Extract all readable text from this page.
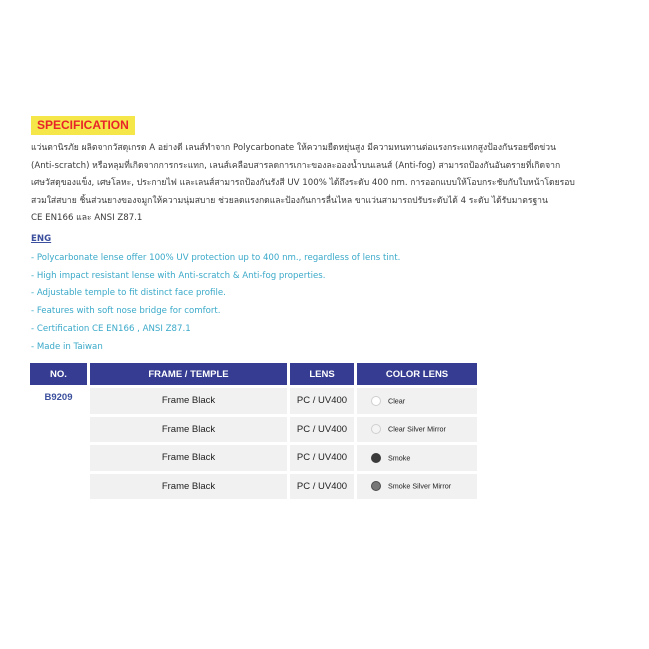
SPECIFICATION
แว่นตานิรภัย ผลิตจากวัสดุเกรด A อย่างดี เลนส์ทำจาก Polycarbonate ให้ความยืดหยุ่นสูง มีความทนทานต่อแรงกระแทกสูงป้องกันรอยขีดข่วน
(Anti-scratch) หรือหลุมที่เกิดจากการกระแทก, เลนส์เคลือบสารลดการเกาะของละอองน้ำบนเลนส์ (Anti-fog) สามารถป้องกันอันตรายที่เกิดจาก
เศษวัสดุของแข็ง, เศษโลหะ, ประกายไฟ และเลนส์สามารถป้องกันรังสี UV 100% ได้ถึงระดับ 400 nm. การออกแบบให้โอบกระชับกับใบหน้าโดยรอบ
สวมใส่สบาย ชิ้นส่วนยางของจมูกให้ความนุ่มสบาย ช่วยลดแรงกดและป้องกันการลื่นไหล ขาแว่นสามารถปรับระดับได้ 4 ระดับ ได้รับมาตรฐาน
CE EN166 และ ANSI Z87.1
ENG
- Polycarbonate lense offer 100% UV protection up to 400 nm., regardless of lens tint.
- High impact resistant lense with Anti-scratch & Anti-fog properties.
- Adjustable temple to fit distinct face profile.
- Features with soft nose bridge for comfort.
- Certification CE EN166 , ANSI Z87.1
- Made in Taiwan
NO.	FRAME / TEMPLE	LENS	COLOR LENS
B9209	Frame Black	PC / UV400	Clear
	Frame Black	PC / UV400	Clear Silver Mirror
	Frame Black	PC / UV400	Smoke
	Frame Black	PC / UV400	Smoke Silver Mirror
